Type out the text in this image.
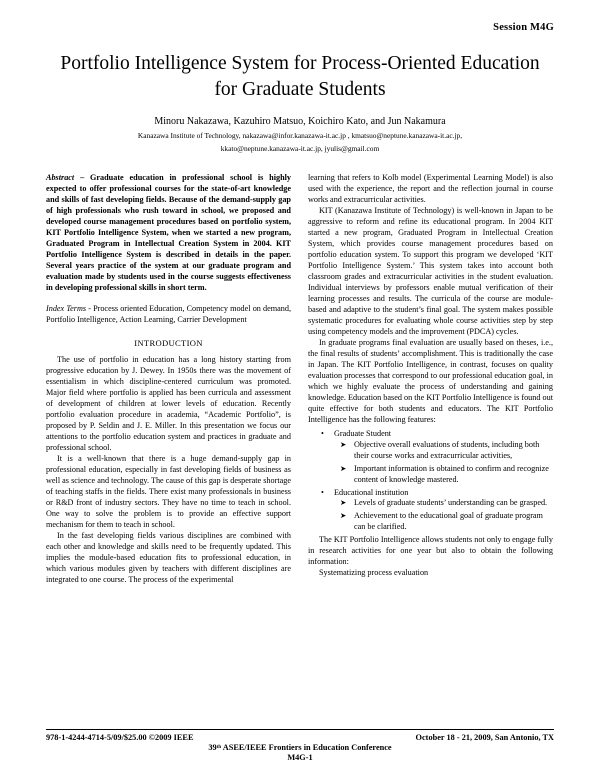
Session M4G
Portfolio Intelligence System for Process-Oriented Education for Graduate Students
Minoru Nakazawa, Kazuhiro Matsuo, Koichiro Kato, and Jun Nakamura
Kanazawa Institute of Technology, nakazawa@infor.kanazawa-it.ac.jp , kmatsuo@neptune.kanazawa-it.ac.jp,
kkato@neptune.kanazawa-it.ac.jp, jyulis@gmail.com
Abstract – Graduate education in professional school is highly expected to offer professional courses for the state-of-art knowledge and skills of fast developing fields. Because of the demand-supply gap of high professionals who rush toward in school, we proposed and developed course management procedures based on portfolio system, KIT Portfolio Intelligence System, when we started a new program, Graduated Program in Intellectual Creation System in 2004. KIT Portfolio Intelligence System is described in details in the paper. Several years practice of the system at our graduate program and evaluation made by students used in the course suggests effectiveness in developing professional skills in short term.
Index Terms - Process oriented Education, Competency model on demand, Portfolio Intelligence, Action Learning, Carrier Development
INTRODUCTION

The use of portfolio in education has a long history starting from progressive education by J. Dewey. In 1950s there was the movement of essentialism in which discipline-centered curriculum was promoted. Major field where portfolio is applied has been curricula and assessment of development of children at lower levels of education. Recently portfolio evaluation procedure in academia, “Academic Portfolio”, is proposed by P. Seldin and J. E. Miller. In this presentation we focus our attentions to the portfolio education system and practices in graduate and professional school.

It is a well-known that there is a huge demand-supply gap in professional education, especially in fast developing fields of business as well as science and technology. The cause of this gap is desperate shortage of teaching staffs in the fields. There exist many professionals in business or R&D front of industry sectors. They have no time to teach in school. One way to solve the problem is to provide an effective support mechanism for them to teach in school.

In the fast developing fields various disciplines are combined with each other and knowledge and skills need to be frequently updated. This implies the module-based education fits to professional education, in which various modules given by teachers with different disciplines are integrated to one course. The process of the experimental

learning that refers to Kolb model (Experimental Learning Model) is also used with the experience, the report and the reflection journal in course works and extracurricular activities.

KIT (Kanazawa Institute of Technology) is well-known in Japan to be aggressive to reform and refine its educational program. In 2004 KIT started a new program, Graduated Program in Intellectual Creation System, which provides course management procedures based on portfolio education system. To support this program we developed ‘KIT Portfolio Intelligence System.’ This system takes into account both classroom grades and extracurricular activities in the student evaluation. Individual interviews by professors enable mutual verification of their learning processes and results. The curricula of the course are module-based and adaptive to the student’s final goal. The system makes possible systematic procedures for evaluating whole course activities step by step using competency models and the improvement (PDCA) cycles.

In graduate programs final evaluation are usually based on theses, i.e., the final results of students’ accomplishment. This is traditionally the case in Japan. The KIT Portfolio Intelligence, in contrast, focuses on quality evaluation processes that correspond to our professional education goal, in which we highly evaluate the process of understanding and gaining knowledge. Education based on the KIT Portfolio Intelligence is found out quite effective for both students and educators. The KIT Portfolio Intelligence has the following features:

• Graduate Student
➤ Objective overall evaluations of students, including both their course works and extracurricular activities,
➤ Important information is obtained to confirm and recognize content of knowledge mastered.
• Educational institution
➤ Levels of graduate students’ understanding can be grasped.
➤ Achievement to the educational goal of graduate program can be clarified.

The KIT Portfolio Intelligence allows students not only to engage fully in research activities for one year but also to obtain the following information:

Systematizing process evaluation

978-1-4244-4714-5/09/$25.00 ©2009 IEEE	October 18 - 21, 2009, San Antonio, TX
39ᵗʰ ASEE/IEEE Frontiers in Education Conference
M4G-1
